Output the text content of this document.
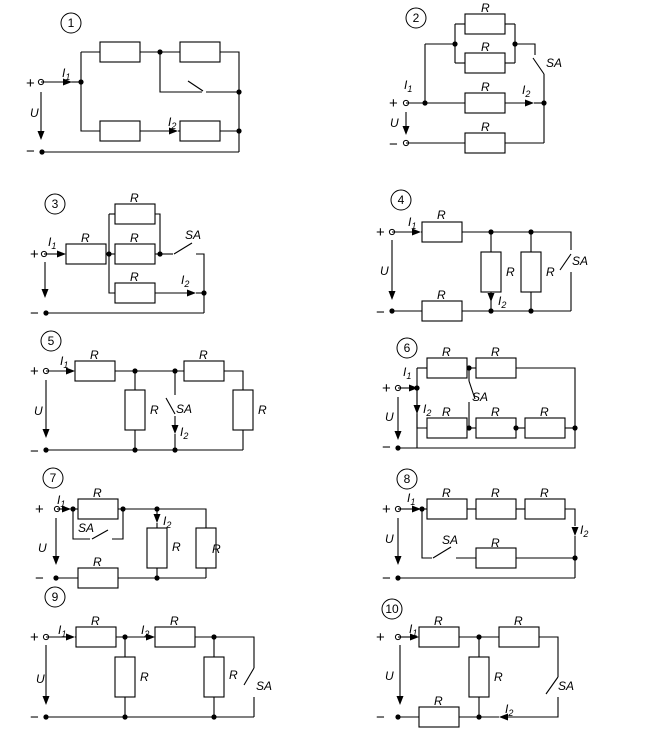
1
+
$I_1$
$I_2$
−
U
2
+
$I_1$	$I_2$
−
U
SA
R
R
R
R
3
+
$I_1$
$I_2$
−
SA
R
R
R
R
4
+
$I_1$
$I_2$
−
U
SA
R
R
R	R
5
+
$I_1$
$I_2$
−
U	SA
R	R
R	R
6
+
$I_1$
$I_2$
−
U
SA
R	R
R	R	R
7
+
$I_1$
$I_2$
−
U
SA
R
R
R	R
8
+
$I_1$
$I_2$
−
U	SA
R	R	R
R
9
+ $I_1$	$I_2$
−
U	SA
R	R
R	R
10
+ $I_1$
$I_2$
−
U
SA
R	R
R
R
